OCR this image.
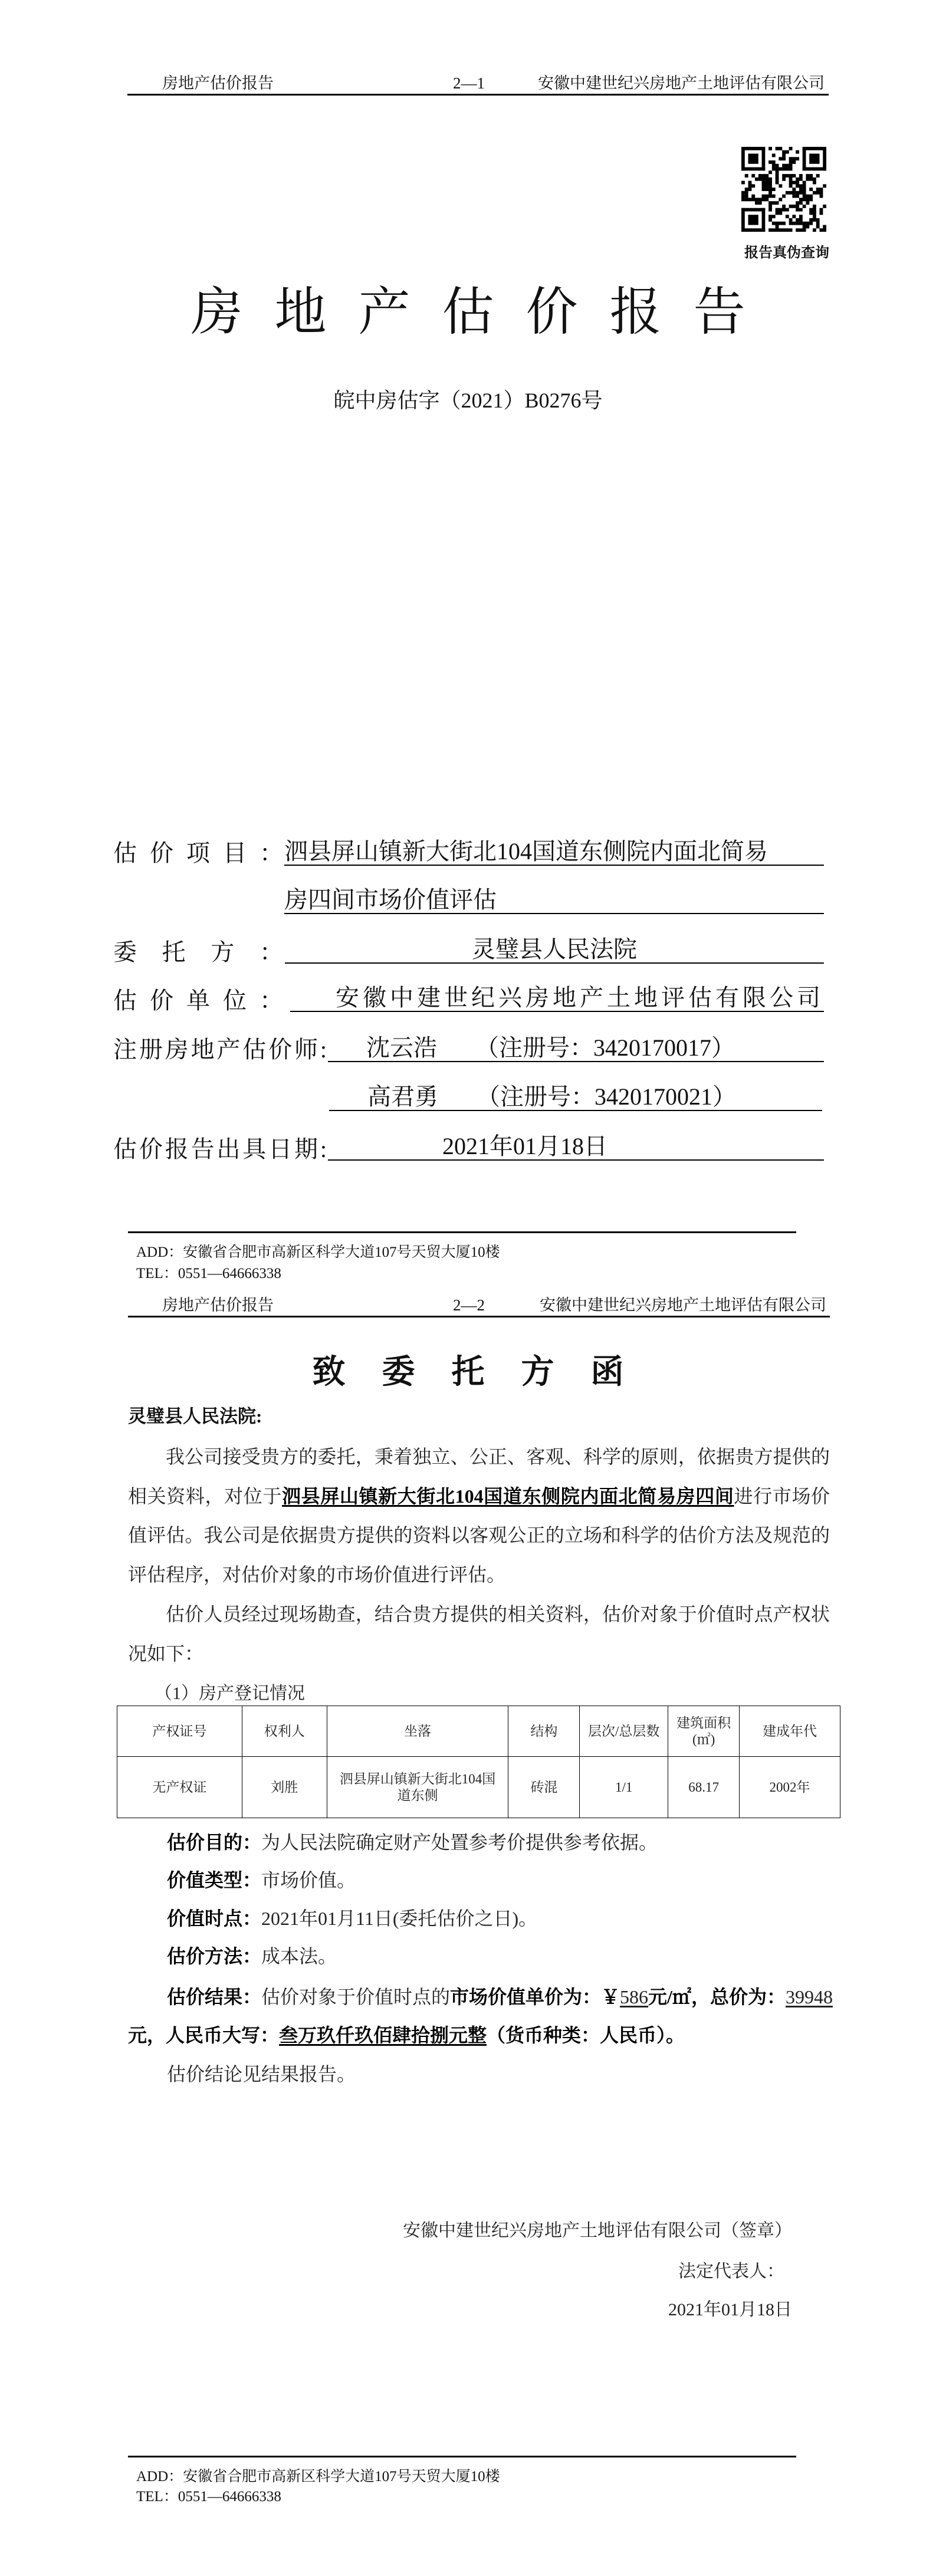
房地产估价报告	2—1	安徽中建世纪兴房地产土地评估有限公司
报告真伪查询
房地产估价报告
皖中房估字（2021）B0276号
估价项目： 泗县屏山镇新大街北104国道东侧院内面北简易
房四间市场价值评估
委托方：	灵璧县人民法院
估价单位：	安徽中建世纪兴房地产土地评估有限公司
注册房地产估价师: 沈云浩 （注册号：3420170017）
高君勇 （注册号：3420170021）
估价报告出具日期:	2021年01月18日
ADD：安徽省合肥市高新区科学大道107号天贸大厦10楼
TEL：0551—64666338
房地产估价报告	2—2	安徽中建世纪兴房地产土地评估有限公司
致委托方函
灵璧县人民法院:
我公司接受贵方的委托，秉着独立、公正、客观、科学的原则，依据贵方提供的相关资料，对位于泗县屏山镇新大街北104国道东侧院内面北简易房四间进行市场价值评估。我公司是依据贵方提供的资料以客观公正的立场和科学的估价方法及规范的评估程序，对估价对象的市场价值进行评估。
估价人员经过现场勘查，结合贵方提供的相关资料，估价对象于价值时点产权状况如下：
（1）房产登记情况
产权证号	权利人	坐落	结构	层次/总层数	建筑面积(㎡)	建成年代
无产权证	刘胜	泗县屏山镇新大街北104国道东侧	砖混	1/1	68.17	2002年
估价目的：为人民法院确定财产处置参考价提供参考依据。
价值类型：市场价值。
价值时点：2021年01月11日(委托估价之日)。
估价方法：成本法。
估价结果：估价对象于价值时点的市场价值单价为：￥586元/㎡，总价为：39948
元，人民币大写：叁万玖仟玖佰肆拾捌元整（货币种类：人民币）。
估价结论见结果报告。
安徽中建世纪兴房地产土地评估有限公司（签章）
法定代表人：
2021年01月18日
ADD：安徽省合肥市高新区科学大道107号天贸大厦10楼
TEL：0551—64666338
